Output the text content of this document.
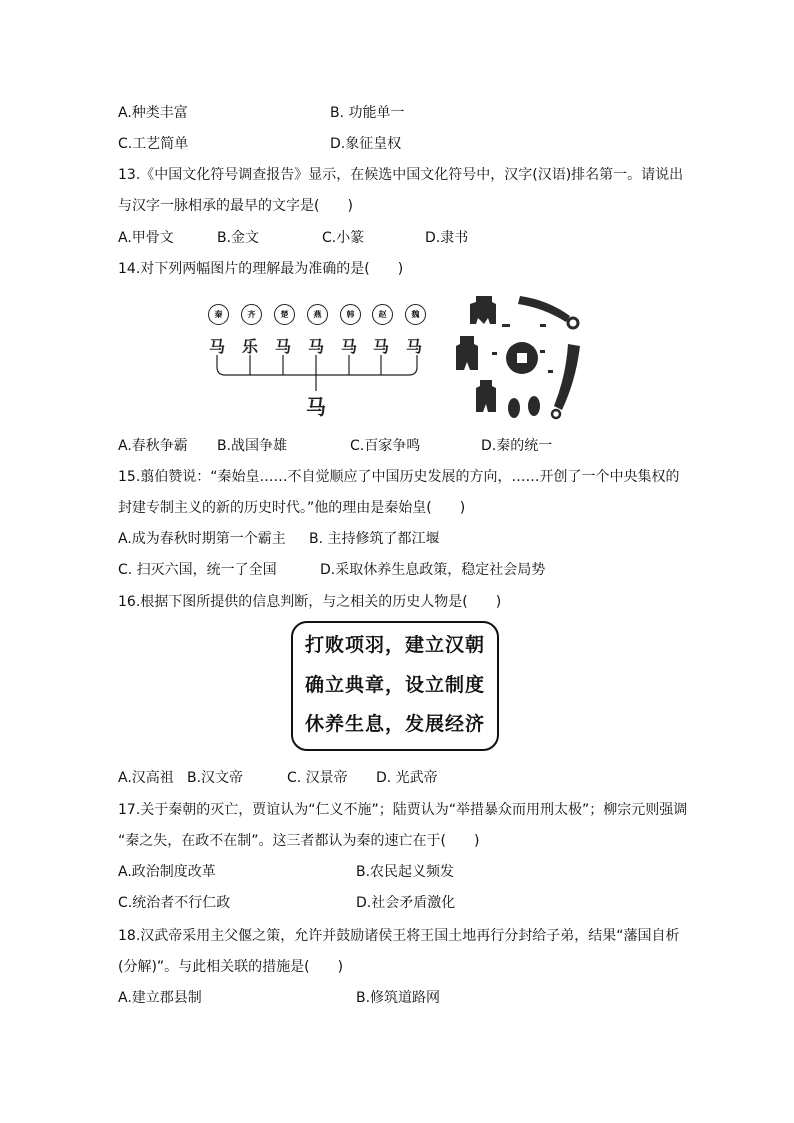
A.种类丰富	B. 功能单一
C.工艺简单	D.象征皇权
13.《中国文化符号调查报告》显示，在候选中国文化符号中，汉字(汉语)排名第一。请说出
与汉字一脉相承的最早的文字是(　　)
A.甲骨文	B.金文	C.小篆	D.隶书
14.对下列两幅图片的理解最为准确的是(　　)
秦	齐	楚	燕	韩	赵	魏
马 乐 马 马 马 马 马
马
A.春秋争霸 B.战国争雄	C.百家争鸣	D.秦的统一
15.翦伯赞说：“秦始皇……不自觉顺应了中国历史发展的方向，……开创了一个中央集权的
封建专制主义的新的历史时代。”他的理由是秦始皇(　　)
A.成为春秋时期第一个霸主 B. 主持修筑了都江堰
C. 扫灭六国，统一了全国	D.采取休养生息政策，稳定社会局势
16.根据下图所提供的信息判断，与之相关的历史人物是(　　)
打败项羽，建立汉朝
确立典章，设立制度
休养生息，发展经济
A.汉高祖 B.汉文帝	C. 汉景帝 D. 光武帝
17.关于秦朝的灭亡，贾谊认为“仁义不施”；陆贾认为“举措暴众而用刑太极”；柳宗元则强调
“秦之失，在政不在制”。这三者都认为秦的速亡在于(　　)
A.政治制度改革	B.农民起义频发
C.统治者不行仁政	D.社会矛盾激化
18.汉武帝采用主父偃之策，允许并鼓励诸侯王将王国土地再行分封给子弟，结果“藩国自析
(分解)”。与此相关联的措施是(　　)
A.建立郡县制	B.修筑道路网
